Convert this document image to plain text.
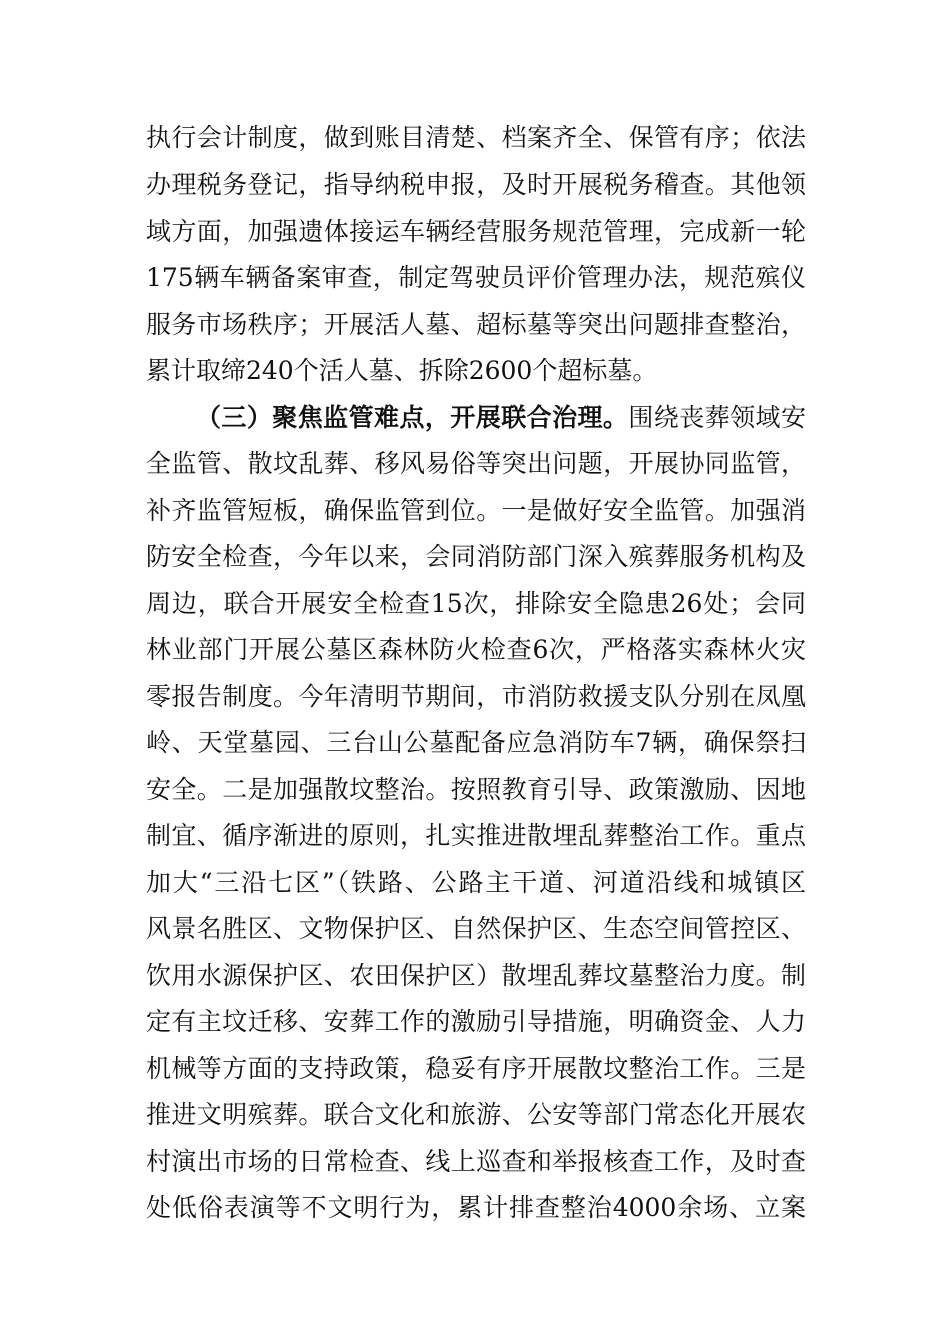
执行会计制度，做到账目清楚、档案齐全、保管有序；依法
办理税务登记，指导纳税申报，及时开展税务稽查。其他领
域方面，加强遗体接运车辆经营服务规范管理，完成新一轮
175辆车辆备案审查，制定驾驶员评价管理办法，规范殡仪
服务市场秩序；开展活人墓、超标墓等突出问题排查整治，
累计取缔240个活人墓、拆除2600个超标墓。
（三）聚焦监管难点，开展联合治理。围绕丧葬领域安
全监管、散坟乱葬、移风易俗等突出问题，开展协同监管，
补齐监管短板，确保监管到位。一是做好安全监管。加强消
防安全检查，今年以来，会同消防部门深入殡葬服务机构及
周边，联合开展安全检查15次，排除安全隐患26处；会同
林业部门开展公墓区森林防火检查6次，严格落实森林火灾
零报告制度。今年清明节期间，市消防救援支队分别在凤凰
岭、天堂墓园、三台山公墓配备应急消防车7辆，确保祭扫
安全。二是加强散坟整治。按照教育引导、政策激励、因地
制宜、循序渐进的原则，扎实推进散埋乱葬整治工作。重点
加大“三沿七区”（铁路、公路主干道、河道沿线和城镇区
风景名胜区、文物保护区、自然保护区、生态空间管控区、
饮用水源保护区、农田保护区）散埋乱葬坟墓整治力度。制
定有主坟迁移、安葬工作的激励引导措施，明确资金、人力
机械等方面的支持政策，稳妥有序开展散坟整治工作。三是
推进文明殡葬。联合文化和旅游、公安等部门常态化开展农
村演出市场的日常检查、线上巡查和举报核查工作，及时查
处低俗表演等不文明行为，累计排查整治4000余场、立案
